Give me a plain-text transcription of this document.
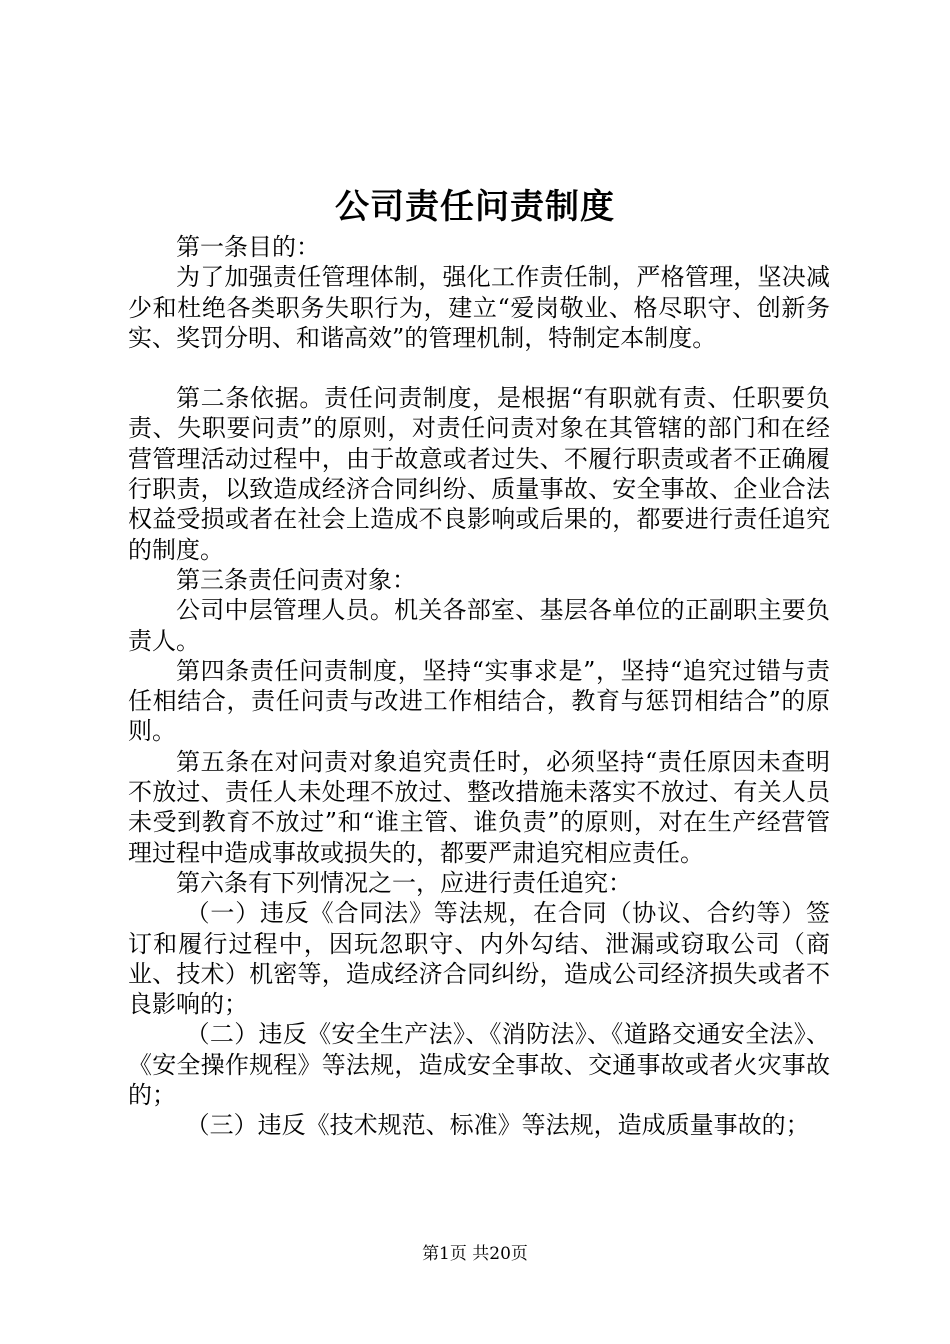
公司责任问责制度

第一条目的：

为了加强责任管理体制，强化工作责任制，严格管理，坚决减少和杜绝各类职务失职行为，建立“爱岗敬业、格尽职守、创新务实、奖罚分明、和谐高效”的管理机制，特制定本制度。

第二条依据。责任问责制度，是根据“有职就有责、任职要负责、失职要问责”的原则，对责任问责对象在其管辖的部门和在经营管理活动过程中，由于故意或者过失、不履行职责或者不正确履行职责，以致造成经济合同纠纷、质量事故、安全事故、企业合法权益受损或者在社会上造成不良影响或后果的，都要进行责任追究的制度。

第三条责任问责对象：

公司中层管理人员。机关各部室、基层各单位的正副职主要负责人。

第四条责任问责制度，坚持“实事求是”，坚持“追究过错与责任相结合，责任问责与改进工作相结合，教育与惩罚相结合”的原则。

第五条在对问责对象追究责任时，必须坚持“责任原因未查明不放过、责任人未处理不放过、整改措施未落实不放过、有关人员未受到教育不放过”和“谁主管、谁负责”的原则，对在生产经营管理过程中造成事故或损失的，都要严肃追究相应责任。

第六条有下列情况之一，应进行责任追究：

（一）违反《合同法》等法规，在合同（协议、合约等）签订和履行过程中，因玩忽职守、内外勾结、泄漏或窃取公司（商业、技术）机密等，造成经济合同纠纷，造成公司经济损失或者不良影响的；

（二）违反《安全生产法》、《消防法》、《道路交通安全法》、《安全操作规程》等法规，造成安全事故、交通事故或者火灾事故的；

（三）违反《技术规范、标准》等法规，造成质量事故的；

第1页 共20页
